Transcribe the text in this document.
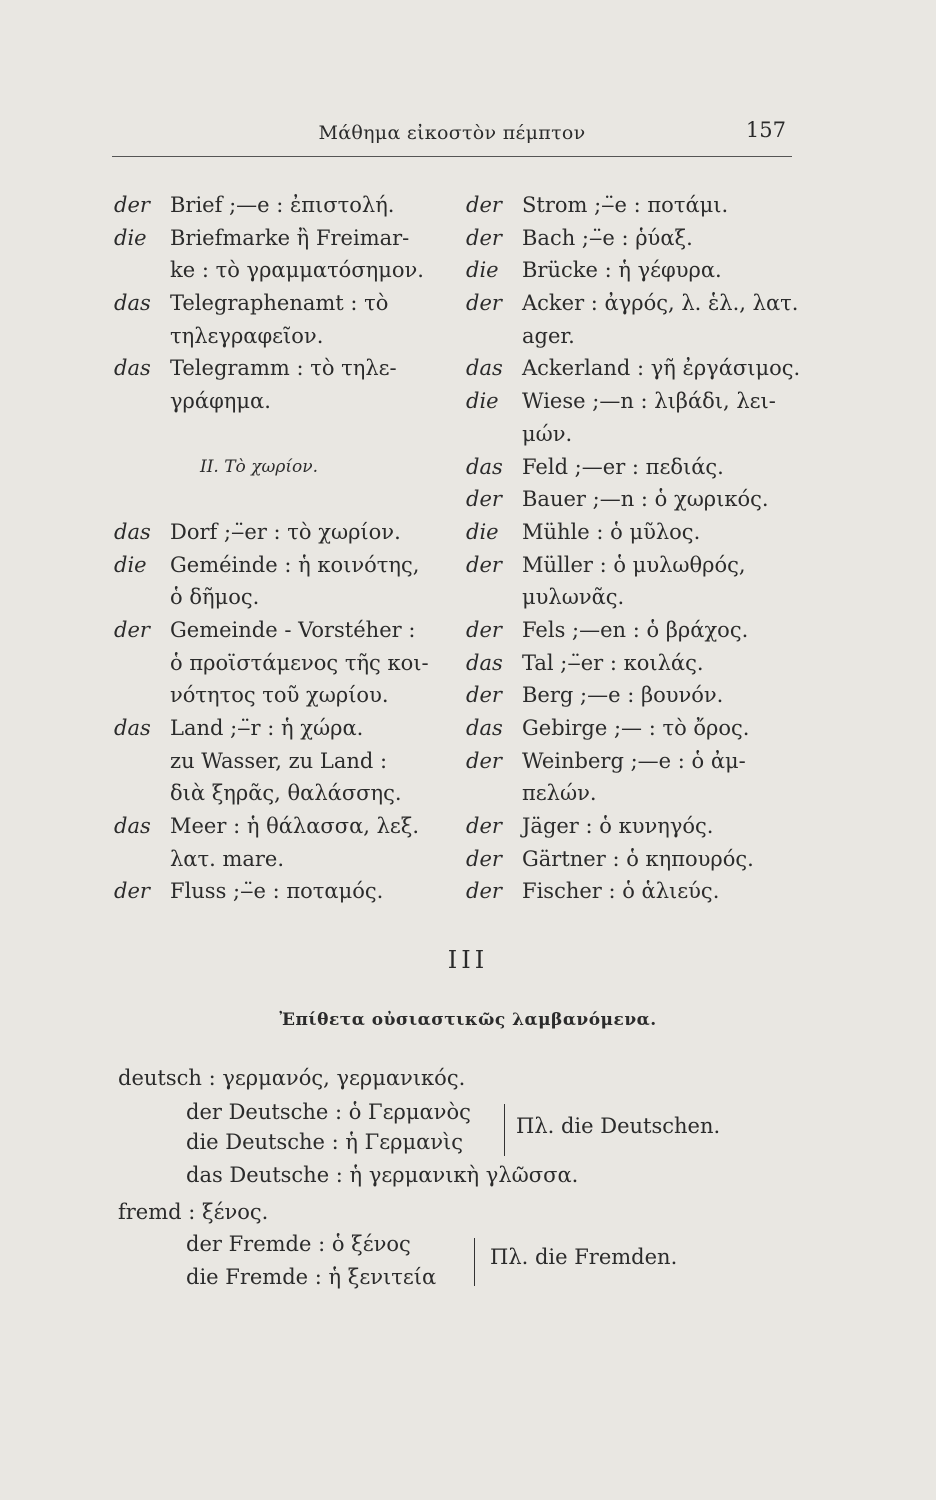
Μάθημα εἰκοστὸν πέμπτον	157
der Brief ;—e : ἐπιστολή.
die Briefmarke ἢ Freimar-
ke : τὸ γραμματόσημον.
das Telegraphenamt : τὸ
τηλεγραφεῖον.
das Telegramm : τὸ τηλε-
γράφημα.
II. Τὸ χωρίον.
das Dorf ;‒̈er : τὸ χωρίον.
die Geméinde : ἡ κοινότης,
ὁ δῆμος.
der Gemeinde - Vorstéher :
ὁ προϊστάμενος τῆς κοι-
νότητος τοῦ χωρίου.
das Land ;‒̈r : ἡ χώρα.
zu Wasser, zu Land :
διὰ ξηρᾶς, θαλάσσης.
das Meer : ἡ θάλασσα, λεξ.
λατ. mare.
der Fluss ;‒̈e : ποταμός.
der Strom ;‒̈e : ποτάμι.
der Bach ;‒̈e : ῥύαξ.
die Brücke : ἡ γέφυρα.
der Acker : ἀγρός, λ. ἑλ., λατ.
ager.
das Ackerland : γῆ ἐργάσιμος.
die Wiese ;—n : λιβάδι, λει-
μών.
das Feld ;—er : πεδιάς.
der Bauer ;—n : ὁ χωρικός.
die Mühle : ὁ μῦλος.
der Müller : ὁ μυλωθρός,
μυλωνᾶς.
der Fels ;—en : ὁ βράχος.
das Tal ;‒̈er : κοιλάς.
der Berg ;—e : βουνόν.
das Gebirge ;— : τὸ ὄρος.
der Weinberg ;—e : ὁ ἀμ-
πελών.
der Jäger : ὁ κυνηγός.
der Gärtner : ὁ κηπουρός.
der Fischer : ὁ ἁλιεύς.
III
Ἐπίθετα οὐσιαστικῶς λαμβανόμενα.
deutsch : γερμανός, γερμανικός.
der Deutsche : ὁ Γερμανὸς
die Deutsche : ἡ Γερμανὶς
Πλ. die Deutschen.
das Deutsche : ἡ γερμανικὴ γλῶσσα.
fremd : ξένος.
der Fremde : ὁ ξένος
die Fremde : ἡ ξενιτεία
Πλ. die Fremden.
